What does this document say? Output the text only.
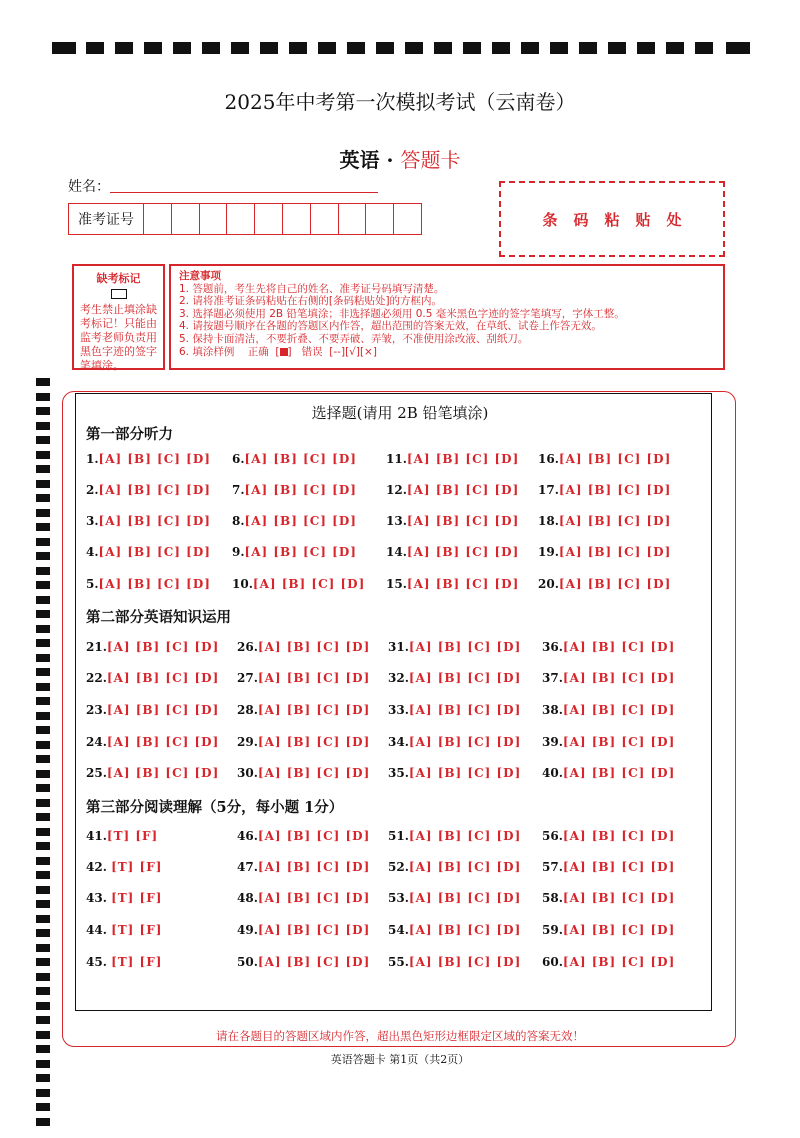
2025年中考第一次模拟考试（云南卷）
英语 · 答题卡
姓名：
准考证号	条码粘贴处
缺考标记
考生禁止填涂缺考标记！只能由监考老师负责用黑色字迹的签字笔填涂。
注意事项
1. 答题前，考生先将自己的姓名、准考证号码填写清楚。
2. 请将准考证条码粘贴在右侧的[条码粘贴处]的方框内。
3. 选择题必须使用 2B 铅笔填涂；非选择题必须用 0.5 毫米黑色字迹的签字笔填写，字体工整。
4. 请按题号顺序在各题的答题区内作答，超出范围的答案无效，在草纸、试卷上作答无效。
5. 保持卡面清洁，不要折叠、不要弄破、弄皱，不准使用涂改液、刮纸刀。
6. 填涂样例 正确  [ ]   错误 [--][√][×]
选择题(请用 2B 铅笔填涂)
第一部分听力
第二部分英语知识运用
第三部分阅读理解（5分，每小题 1分）
1.[A] [B] [C] [D] 6.[A] [B] [C] [D] 11.[A] [B] [C] [D] 16.[A] [B] [C] [D]
2.[A] [B] [C] [D] 7.[A] [B] [C] [D] 12.[A] [B] [C] [D] 17.[A] [B] [C] [D]
3.[A] [B] [C] [D] 8.[A] [B] [C] [D] 13.[A] [B] [C] [D] 18.[A] [B] [C] [D]
4.[A] [B] [C] [D] 9.[A] [B] [C] [D] 14.[A] [B] [C] [D] 19.[A] [B] [C] [D]
5.[A] [B] [C] [D] 10.[A] [B] [C] [D] 15.[A] [B] [C] [D] 20.[A] [B] [C] [D]
21.[A] [B] [C] [D] 26.[A] [B] [C] [D] 31.[A] [B] [C] [D] 36.[A] [B] [C] [D]
22.[A] [B] [C] [D] 27.[A] [B] [C] [D] 32.[A] [B] [C] [D] 37.[A] [B] [C] [D]
23.[A] [B] [C] [D] 28.[A] [B] [C] [D] 33.[A] [B] [C] [D] 38.[A] [B] [C] [D]
24.[A] [B] [C] [D] 29.[A] [B] [C] [D] 34.[A] [B] [C] [D] 39.[A] [B] [C] [D]
25.[A] [B] [C] [D] 30.[A] [B] [C] [D] 35.[A] [B] [C] [D] 40.[A] [B] [C] [D]
41.[T] [F]	46.[A] [B] [C] [D] 51.[A] [B] [C] [D] 56.[A] [B] [C] [D]
42. [T] [F]	47.[A] [B] [C] [D] 52.[A] [B] [C] [D] 57.[A] [B] [C] [D]
43. [T] [F]	48.[A] [B] [C] [D] 53.[A] [B] [C] [D] 58.[A] [B] [C] [D]
44. [T] [F]	49.[A] [B] [C] [D] 54.[A] [B] [C] [D] 59.[A] [B] [C] [D]
45. [T] [F]	50.[A] [B] [C] [D] 55.[A] [B] [C] [D] 60.[A] [B] [C] [D]
请在各题目的答题区域内作答，超出黑色矩形边框限定区域的答案无效！
英语答题卡 第1页（共2页）
